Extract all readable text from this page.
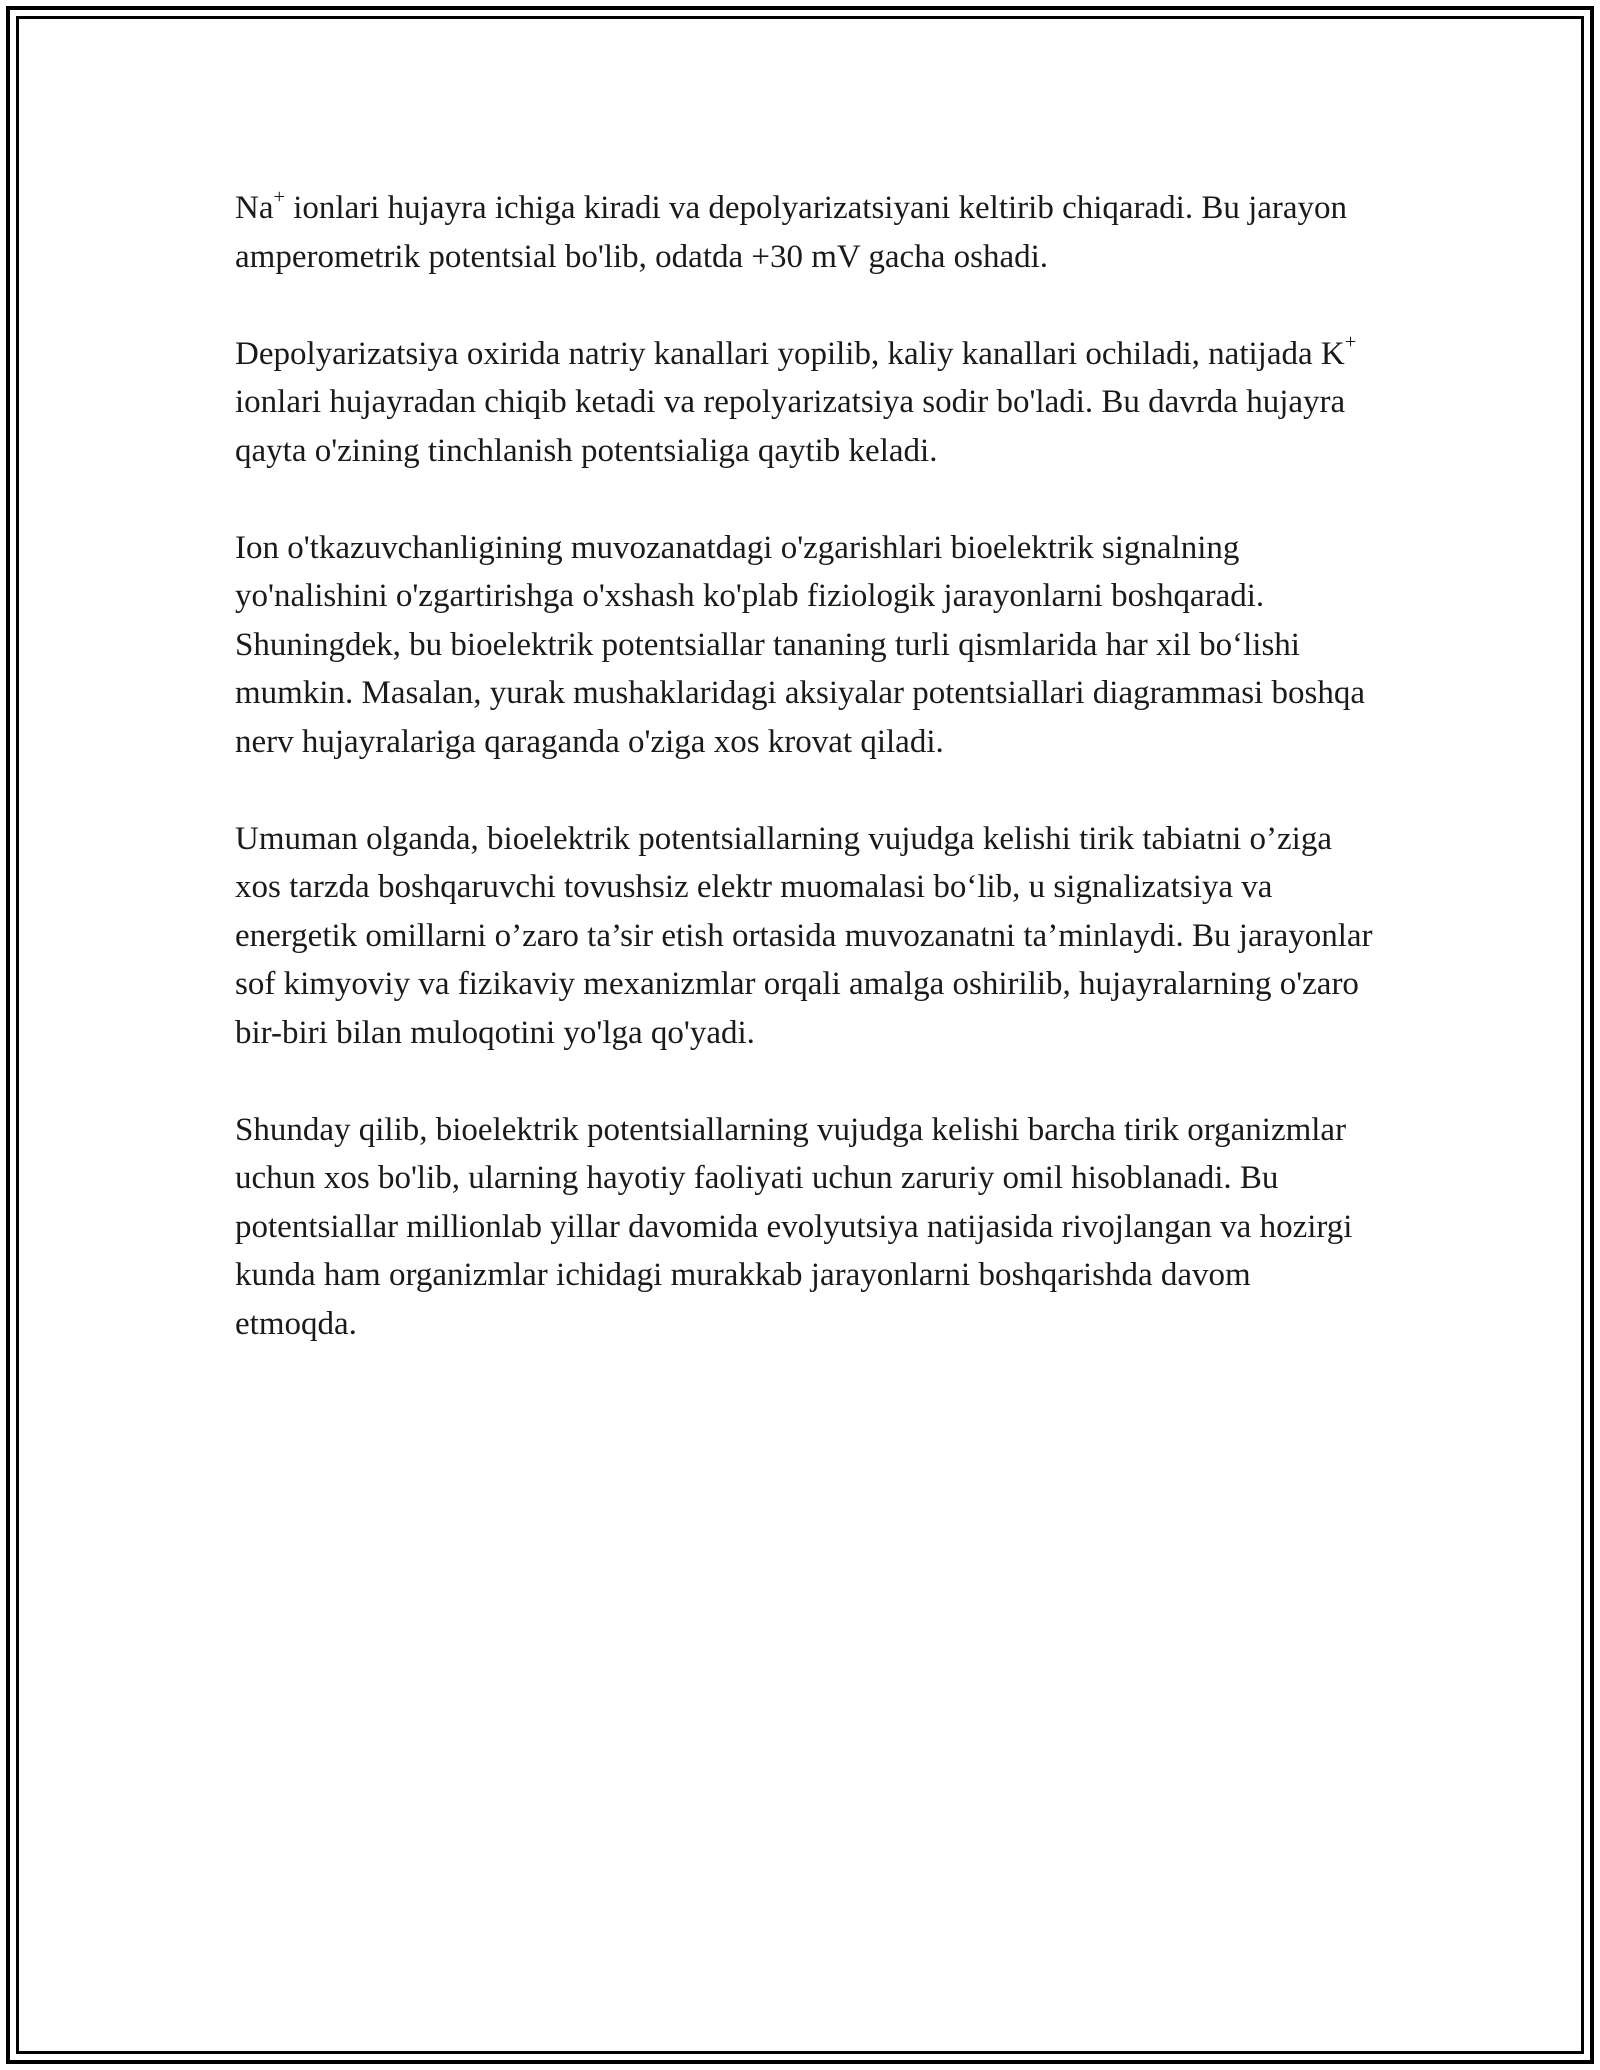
Na+ ionlari hujayra ichiga kiradi va depolyarizatsiyani keltirib chiqaradi. Bu jarayon amperometrik potentsial bo'lib, odatda +30 mV gacha oshadi.

Depolyarizatsiya oxirida natriy kanallari yopilib, kaliy kanallari ochiladi, natijada K+ ionlari hujayradan chiqib ketadi va repolyarizatsiya sodir bo'ladi. Bu davrda hujayra qayta o'zining tinchlanish potentsialiga qaytib keladi.

Ion o'tkazuvchanligining muvozanatdagi o'zgarishlari bioelektrik signalning yo'nalishini o'zgartirishga o'xshash ko'plab fiziologik jarayonlarni boshqaradi. Shuningdek, bu bioelektrik potentsiallar tananing turli qismlarida har xil bo‘lishi mumkin. Masalan, yurak mushaklaridagi aksiyalar potentsiallari diagrammasi boshqa nerv hujayralariga qaraganda o'ziga xos krovat qiladi.

Umuman olganda, bioelektrik potentsiallarning vujudga kelishi tirik tabiatni o’ziga xos tarzda boshqaruvchi tovushsiz elektr muomalasi bo‘lib, u signalizatsiya va energetik omillarni o’zaro ta’sir etish ortasida muvozanatni ta’minlaydi. Bu jarayonlar sof kimyoviy va fizikaviy mexanizmlar orqali amalga oshirilib, hujayralarning o'zaro bir-biri bilan muloqotini yo'lga qo'yadi.

Shunday qilib, bioelektrik potentsiallarning vujudga kelishi barcha tirik organizmlar uchun xos bo'lib, ularning hayotiy faoliyati uchun zaruriy omil hisoblanadi. Bu potentsiallar millionlab yillar davomida evolyutsiya natijasida rivojlangan va hozirgi kunda ham organizmlar ichidagi murakkab jarayonlarni boshqarishda davom etmoqda.
